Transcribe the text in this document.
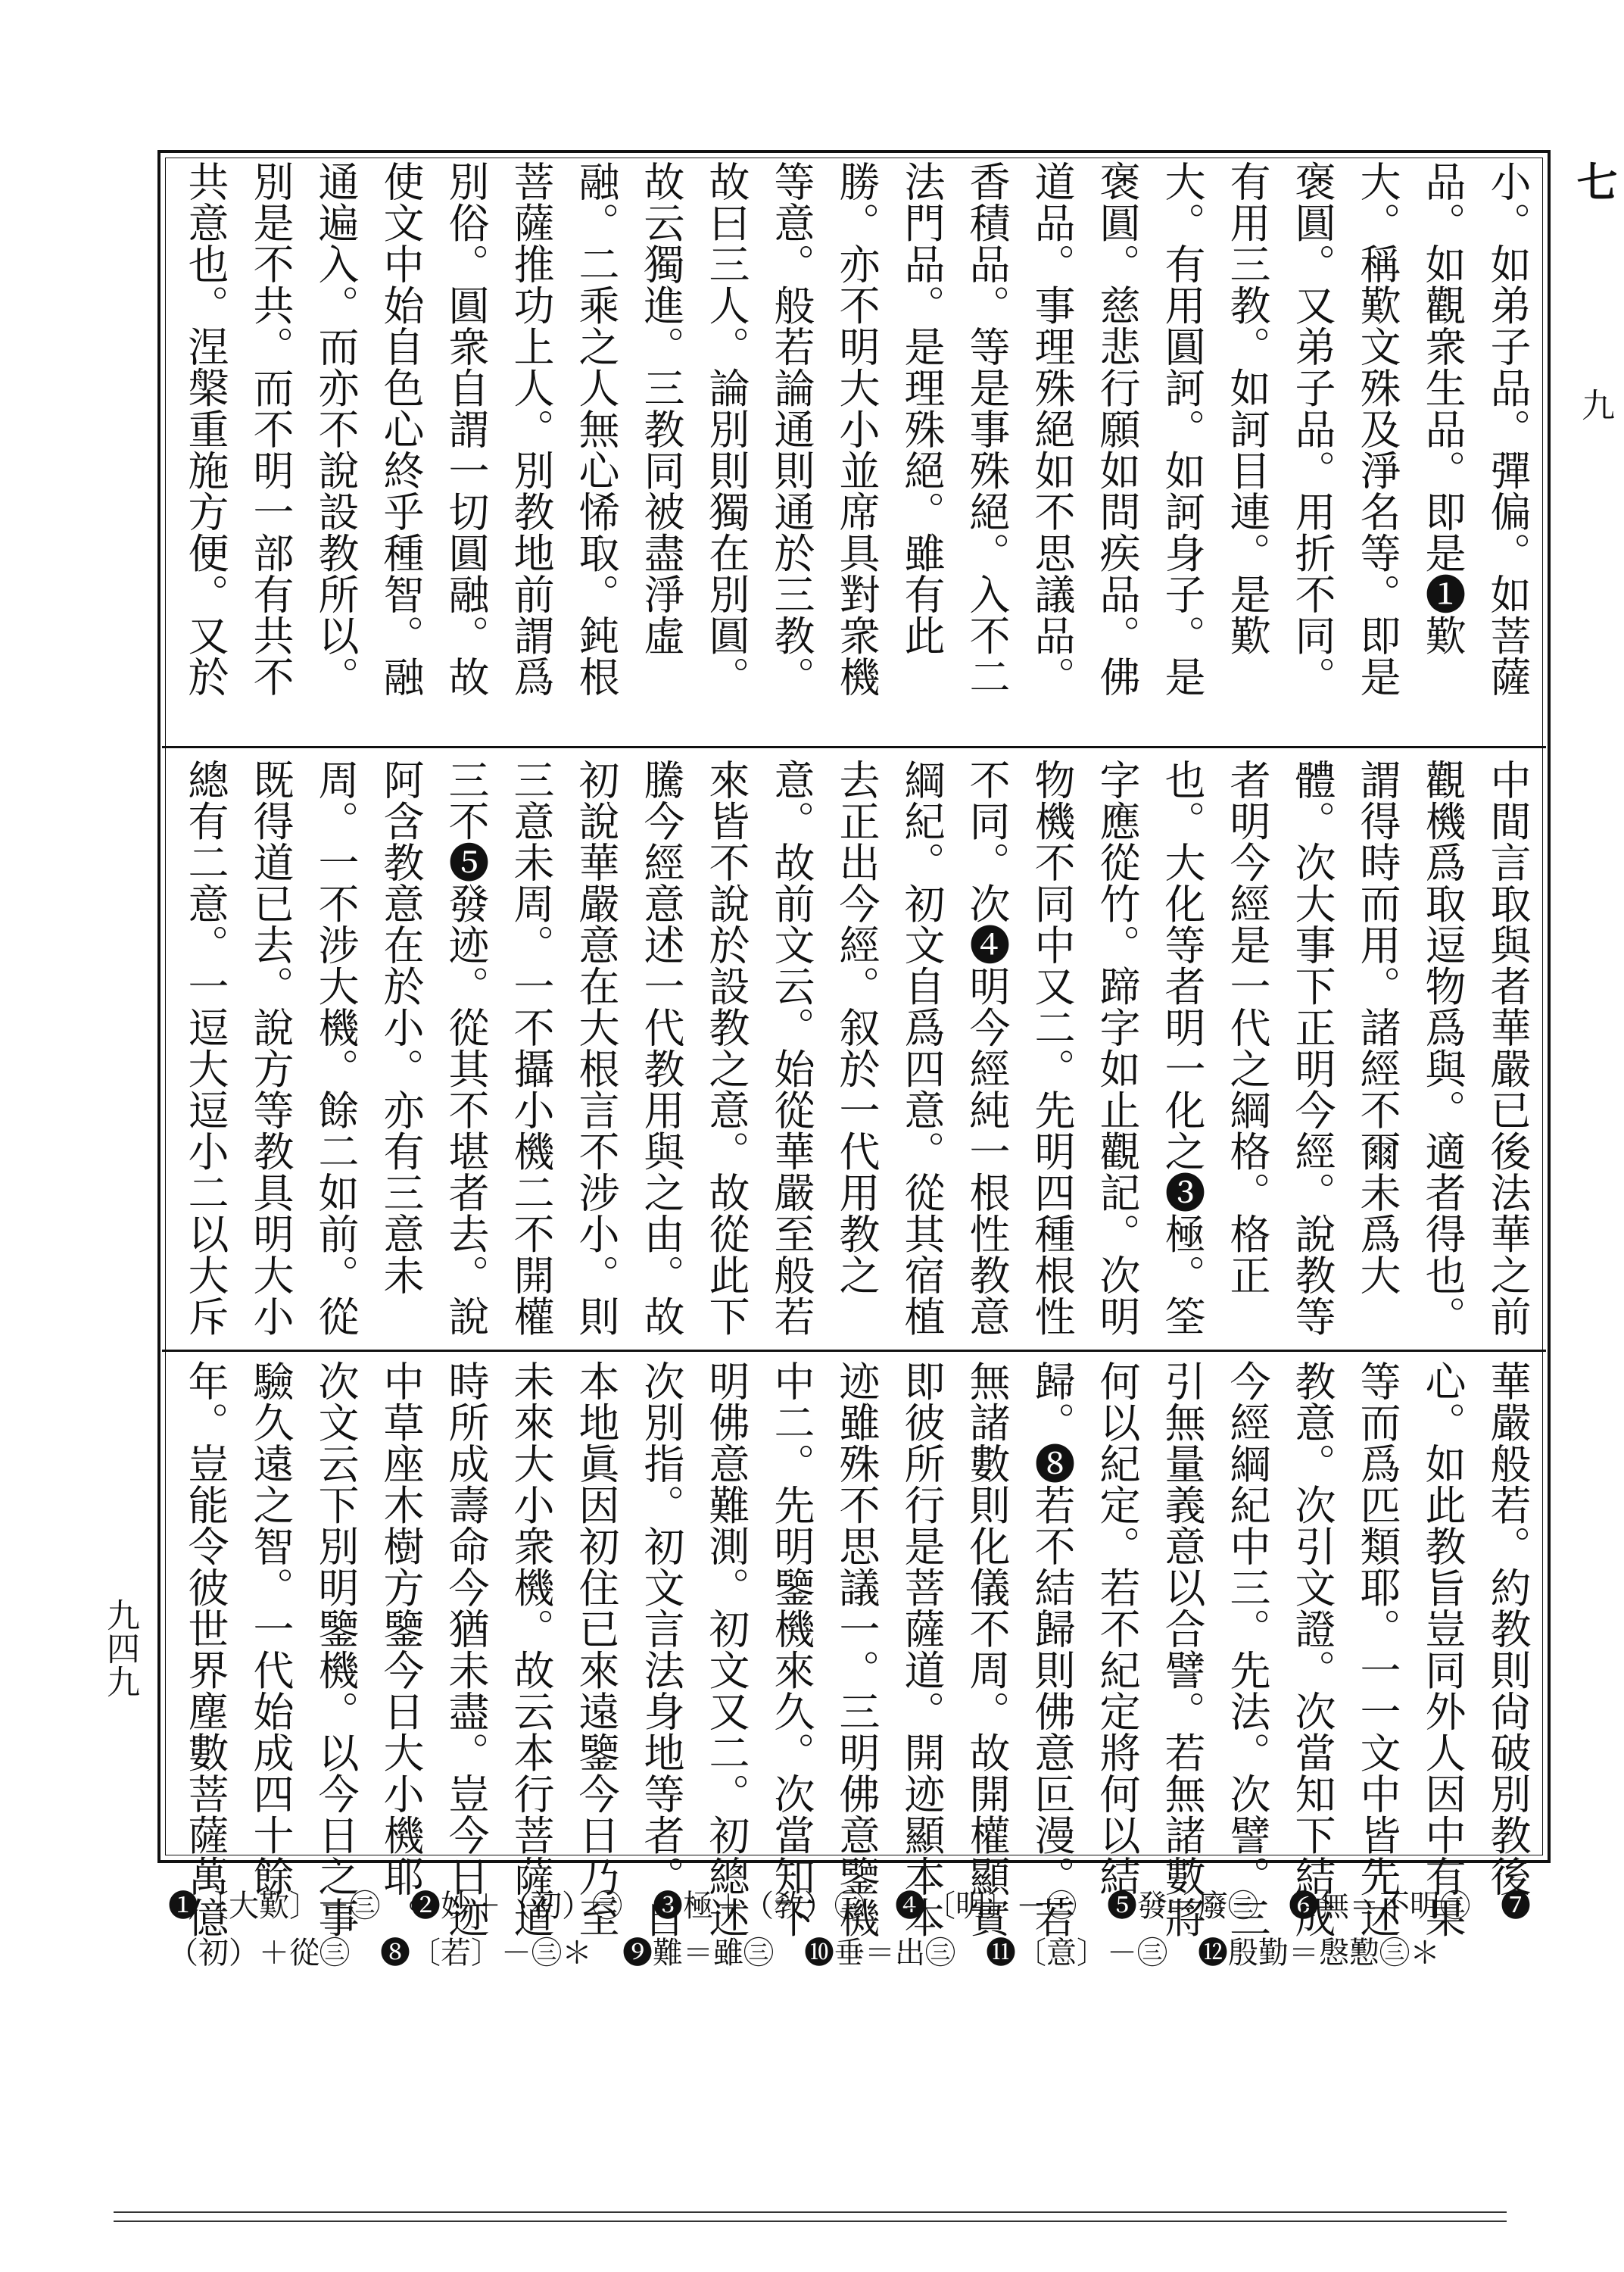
七
九
小。如弟子品。彈偏。如菩薩品。如觀衆生品。即是❶歎大。稱歎文殊及淨名等。即是褒圓。又弟子品。用折不同。有用三教。如訶目連。是歎大。有用圓訶。如訶身子。是褒圓。慈悲行願如問疾品。佛道品。事理殊絕如不思議品。香積品。等是事殊絕。入不二法門品。是理殊絕。雖有此勝。亦不明大小並席具對衆機等意。般若論通則通於三教。故曰三人。論別則獨在別圓。故云獨進。三教同被盡淨虛融。二乘之人無心悕取。鈍根菩薩推功上人。別教地前謂爲別俗。圓衆自謂一切圓融。故使文中始自色心終乎種智。融通遍入。而亦不說設教所以。別是不共。而不明一部有共不共意也。涅槃重施方便。又於
中間言取與者華嚴已後法華之前觀機爲取逗物爲與。適者得也。謂得時而用。諸經不爾未爲大體。次大事下正明今經。說教等者明今經是一代之綱格。格正也。大化等者明一化之❸極。筌字應從竹。蹄字如止觀記。次明物機不同中又二。先明四種根性不同。次❹明今經純一根性教意綱紀。初文自爲四意。從其宿植去正出今經。叙於一代用教之意。故前文云。始從華嚴至般若來皆不說於設教之意。故從此下騰今經意述一代教用與之由。故初說華嚴意在大根言不涉小。則三意未周。一不攝小機二不開權三不❺發迹。從其不堪者去。說阿含教意在於小。亦有三意未周。一不涉大機。餘二如前。從既得道已去。說方等教具明大小總有二意。一逗大逗小二以大斥
華嚴般若。約教則尙破別教後心。如此教旨豈同外人因中有果等而爲匹類耶。一一文中皆先述教意。次引文證。次當知下結成今經綱紀中三。先法。次譬。三引無量義意以合譬。若無諸數將何以紀定。若不紀定將何以結歸。❽若不結歸則佛意叵漫。若無諸數則化儀不周。故開權顯實即彼所行是菩薩道。開迹顯本本迹雖殊不思議一。三明佛意鑒機中二。先明鑒機來久。次當知下明佛意難測。初文又二。初總述次別指。初文言法身地等者。自本地眞因初住已來遠鑒今日乃至未來大小衆機。故云本行菩薩道時所成壽命今猶未盡。豈今日迹中草座木樹方鑒今日大小機耶。次文云下別明鑒機。以今日之事驗久遠之智。一代始成四十餘年。豈能令彼世界塵數菩薩萬億
❶〔大歎〕－㊂　❷妙＋（初）㊂　❸極＋（敎）㊂　❹〔明〕－㊂　❺發＝廢㊂　❻無＝不明㊂　❼（初）＋從㊂　❽〔若〕－㊂＊　❾難＝雖㊂　❿垂＝出㊂　⓫〔意〕－㊂　⓬殷勤＝慇懃㊂＊
九四九
